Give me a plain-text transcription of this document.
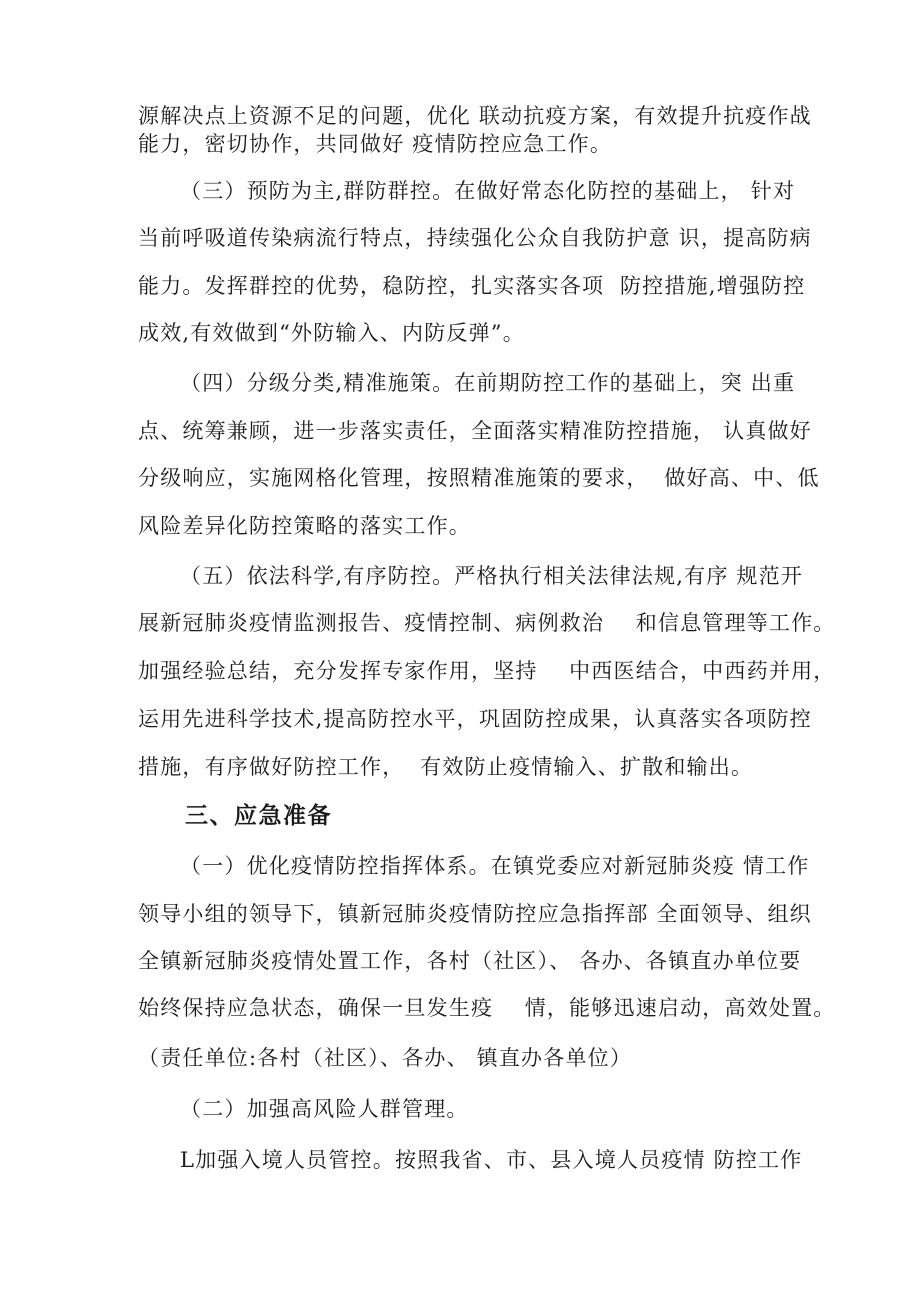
源解决点上资源不足的问题，优化 联动抗疫方案，有效提升抗疫作战
能力，密切协作，共同做好 疫情防控应急工作。
（三）预防为主,群防群控。在做好常态化防控的基础上， 针对
当前呼吸道传染病流行特点，持续强化公众自我防护意 识，提高防病
能力。发挥群控的优势，稳防控，扎实落实各项  防控措施,增强防控
成效,有效做到“外防输入、内防反弹”。
（四）分级分类,精准施策。在前期防控工作的基础上，突 出重
点、统筹兼顾，进一步落实责任，全面落实精准防控措施， 认真做好
分级响应，实施网格化管理，按照精准施策的要求，  做好高、中、低
风险差异化防控策略的落实工作。
（五）依法科学,有序防控。严格执行相关法律法规,有序 规范开
展新冠肺炎疫情监测报告、疫情控制、病例救治    和信息管理等工作。
加强经验总结，充分发挥专家作用，坚持    中西医结合，中西药并用，
运用先进科学技术,提高防控水平，巩固防控成果，认真落实各项防控
措施，有序做好防控工作，  有效防止疫情输入、扩散和输出。
三、应急准备
（一）优化疫情防控指挥体系。在镇党委应对新冠肺炎疫 情工作
领导小组的领导下，镇新冠肺炎疫情防控应急指挥部 全面领导、组织
全镇新冠肺炎疫情处置工作，各村（社区）、 各办、各镇直办单位要
始终保持应急状态，确保一旦发生疫    情，能够迅速启动，高效处置。
（责任单位:各村（社区）、各办、 镇直办各单位）
（二）加强高风险人群管理。
L加强入境人员管控。按照我省、市、县入境人员疫情 防控工作
